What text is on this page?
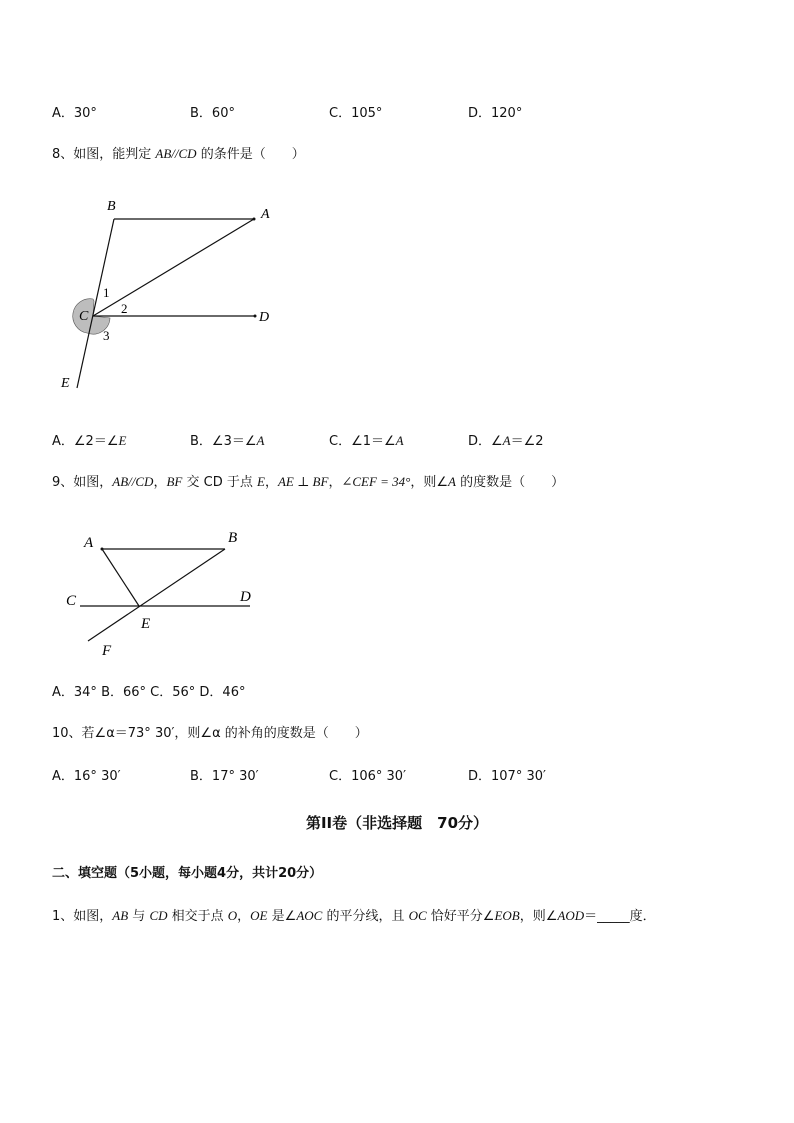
A．30°	B．60°	C．105°	D．120°
8、如图，能判定 AB//CD 的条件是（　　）
B
A
C	D
E
1
2
3
A．∠2＝∠E	B．∠3＝∠A	C．∠1＝∠A	D．∠A＝∠2
9、如图，AB//CD，BF 交 CD 于点 E，AE ⊥ BF，∠CEF = 34°，则∠A 的度数是（　　）
A	B
C	D
E
F
A．34° B．66° C．56° D．46°
10、若∠α＝73° 30′，则∠α 的补角的度数是（　　）
A．16° 30′	B．17° 30′	C．106° 30′	D．107° 30′
第II卷（非选择题　70分）
二、填空题（5小题，每小题4分，共计20分）
1、如图，AB 与 CD 相交于点 O，OE 是∠AOC 的平分线，且 OC 恰好平分∠EOB，则∠AOD＝_____度．
